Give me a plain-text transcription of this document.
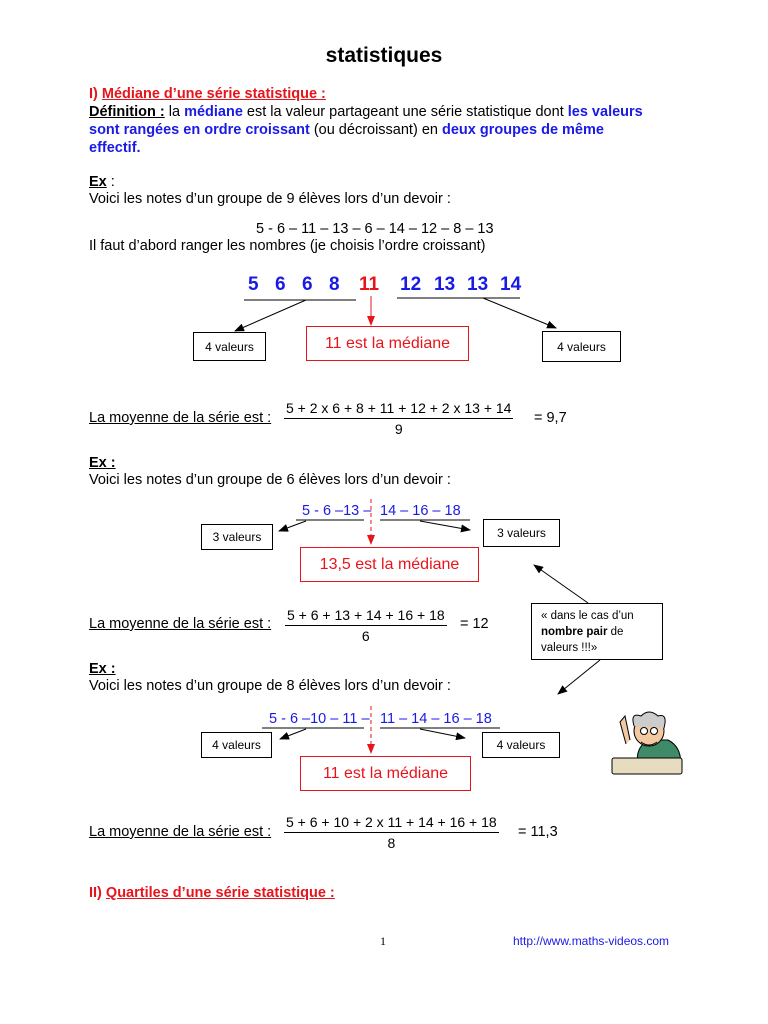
statistiques
I) Médiane d’une série statistique :
Définition : la médiane est la valeur partageant une série statistique dont les valeurs
sont rangées en ordre croissant (ou décroissant) en deux groupes de même
effectif.
Ex :
Voici les notes d’un groupe de 9 élèves lors d’un devoir :
5 - 6 – 11 – 13 – 6 – 14 – 12 – 8 – 13
Il faut d’abord ranger les nombres (je choisis l’ordre croissant)
5 6 6 8 11 12 13 13 14
4 valeurs	11 est la médiane	4 valeurs
La moyenne de la série est :
5 + 2 x 6 + 8 + 11 + 12 + 2 x 13 + 14
9
= 9,7
Ex :
Voici les notes d’un groupe de 6 élèves lors d’un devoir :
5 - 6 –13 – 14 – 16 – 18
3 valeurs	3 valeurs
13,5 est la médiane
La moyenne de la série est :
5 + 6 + 13 + 14 + 16 + 18
6
= 12	« dans le cas d’un
nombre pair de
valeurs !!!»
Ex :
Voici les notes d’un groupe de 8 élèves lors d’un devoir :
5 - 6 –10 – 11 – 11 – 14 – 16 – 18
4 valeurs	4 valeurs
11 est la médiane
La moyenne de la série est :
5 + 6 + 10 + 2 x 11 + 14 + 16 + 18
8
= 11,3
II) Quartiles d’une série statistique :
1	http://www.maths-videos.com
